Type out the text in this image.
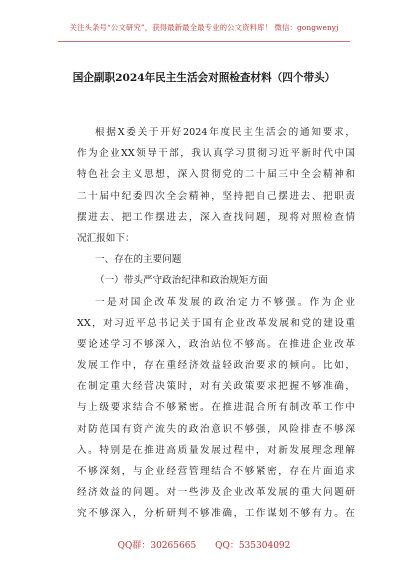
关注头条号“公文研究”，获得最新最全最专业的公文资料库！ 微信：gongwenyj
国企副职2024年民主生活会对照检查材料（四个带头）
根据X委关于开好2024年度民主生活会的通知要求，
作为企业XX领导干部，我认真学习贯彻习近平新时代中国
特色社会主义思想，深入贯彻党的二十届三中全会精神和
二十届中纪委四次全会精神，坚持把自己摆进去、把职责
摆进去、把工作摆进去，深入查找问题，现将对照检查情
况汇报如下：
一、存在的主要问题
（一）带头严守政治纪律和政治规矩方面
一是对国企改革发展的政治定力不够强。作为企业
XX，对习近平总书记关于国有企业改革发展和党的建设重
要论述学习不够深入，政治站位不够高。在推进企业改革
发展工作中，存在重经济效益轻政治要求的倾向。比如，
在制定重大经营决策时，对有关政策要求把握不够准确，
与上级要求结合不够紧密。在推进混合所有制改革工作中
对防范国有资产流失的政治意识不够强，风险排查不够深
入。特别是在推进高质量发展过程中，对新发展理念理解
不够深刻，与企业经营管理结合不够紧密，存在片面追求
经济效益的问题。对一些涉及企业改革发展的重大问题研
究不够深入，分析研判不够准确，工作谋划不够有力。在
QQ群：30265665 QQ：535304092
